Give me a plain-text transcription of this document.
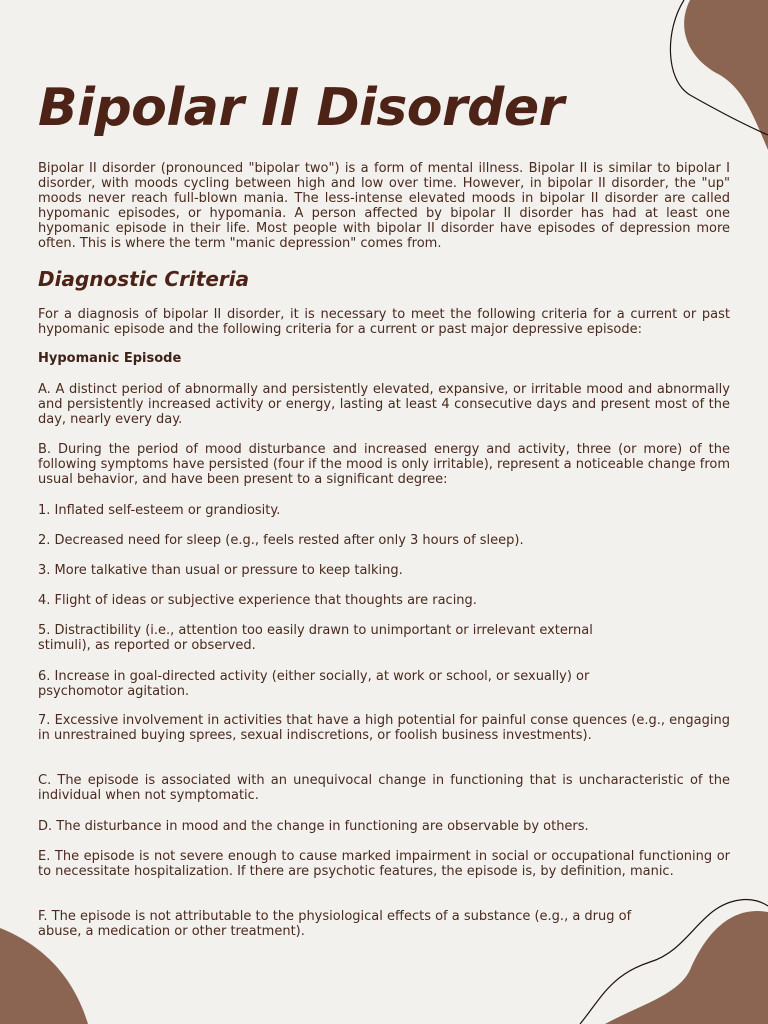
Bipolar II Disorder

Bipolar II disorder (pronounced "bipolar two") is a form of mental illness. Bipolar II is similar to bipolar I disorder, with moods cycling between high and low over time. However, in bipolar II disorder, the "up" moods never reach full-blown mania. The less-intense elevated moods in bipolar II disorder are called hypomanic episodes, or hypomania. A person affected by bipolar II disorder has had at least one hypomanic episode in their life. Most people with bipolar II disorder have episodes of depression more often. This is where the term "manic depression" comes from.

Diagnostic Criteria

For a diagnosis of bipolar II disorder, it is necessary to meet the following criteria for a current or past hypomanic episode and the following criteria for a current or past major depressive episode:

Hypomanic Episode

A. A distinct period of abnormally and persistently elevated, expansive, or irritable mood and abnormally and persistently increased activity or energy, lasting at least 4 consecutive days and present most of the day, nearly every day.

B. During the period of mood disturbance and increased energy and activity, three (or more) of the following symptoms have persisted (four if the mood is only irritable), represent a noticeable change from usual behavior, and have been present to a significant degree:

1. Inflated self-esteem or grandiosity.

2. Decreased need for sleep (e.g., feels rested after only 3 hours of sleep).

3. More talkative than usual or pressure to keep talking.

4. Flight of ideas or subjective experience that thoughts are racing.

5. Distractibility (i.e., attention too easily drawn to unimportant or irrelevant external stimuli), as reported or observed.

6. Increase in goal-directed activity (either socially, at work or school, or sexually) or psychomotor agitation.

7. Excessive involvement in activities that have a high potential for painful conse quences (e.g., engaging in unrestrained buying sprees, sexual indiscretions, or foolish business investments).

C. The episode is associated with an unequivocal change in functioning that is uncharacteristic of the individual when not symptomatic.

D. The disturbance in mood and the change in functioning are observable by others.

E. The episode is not severe enough to cause marked impairment in social or occupational functioning or to necessitate hospitalization. If there are psychotic features, the episode is, by definition, manic.

F. The episode is not attributable to the physiological effects of a substance (e.g., a drug of abuse, a medication or other treatment).
